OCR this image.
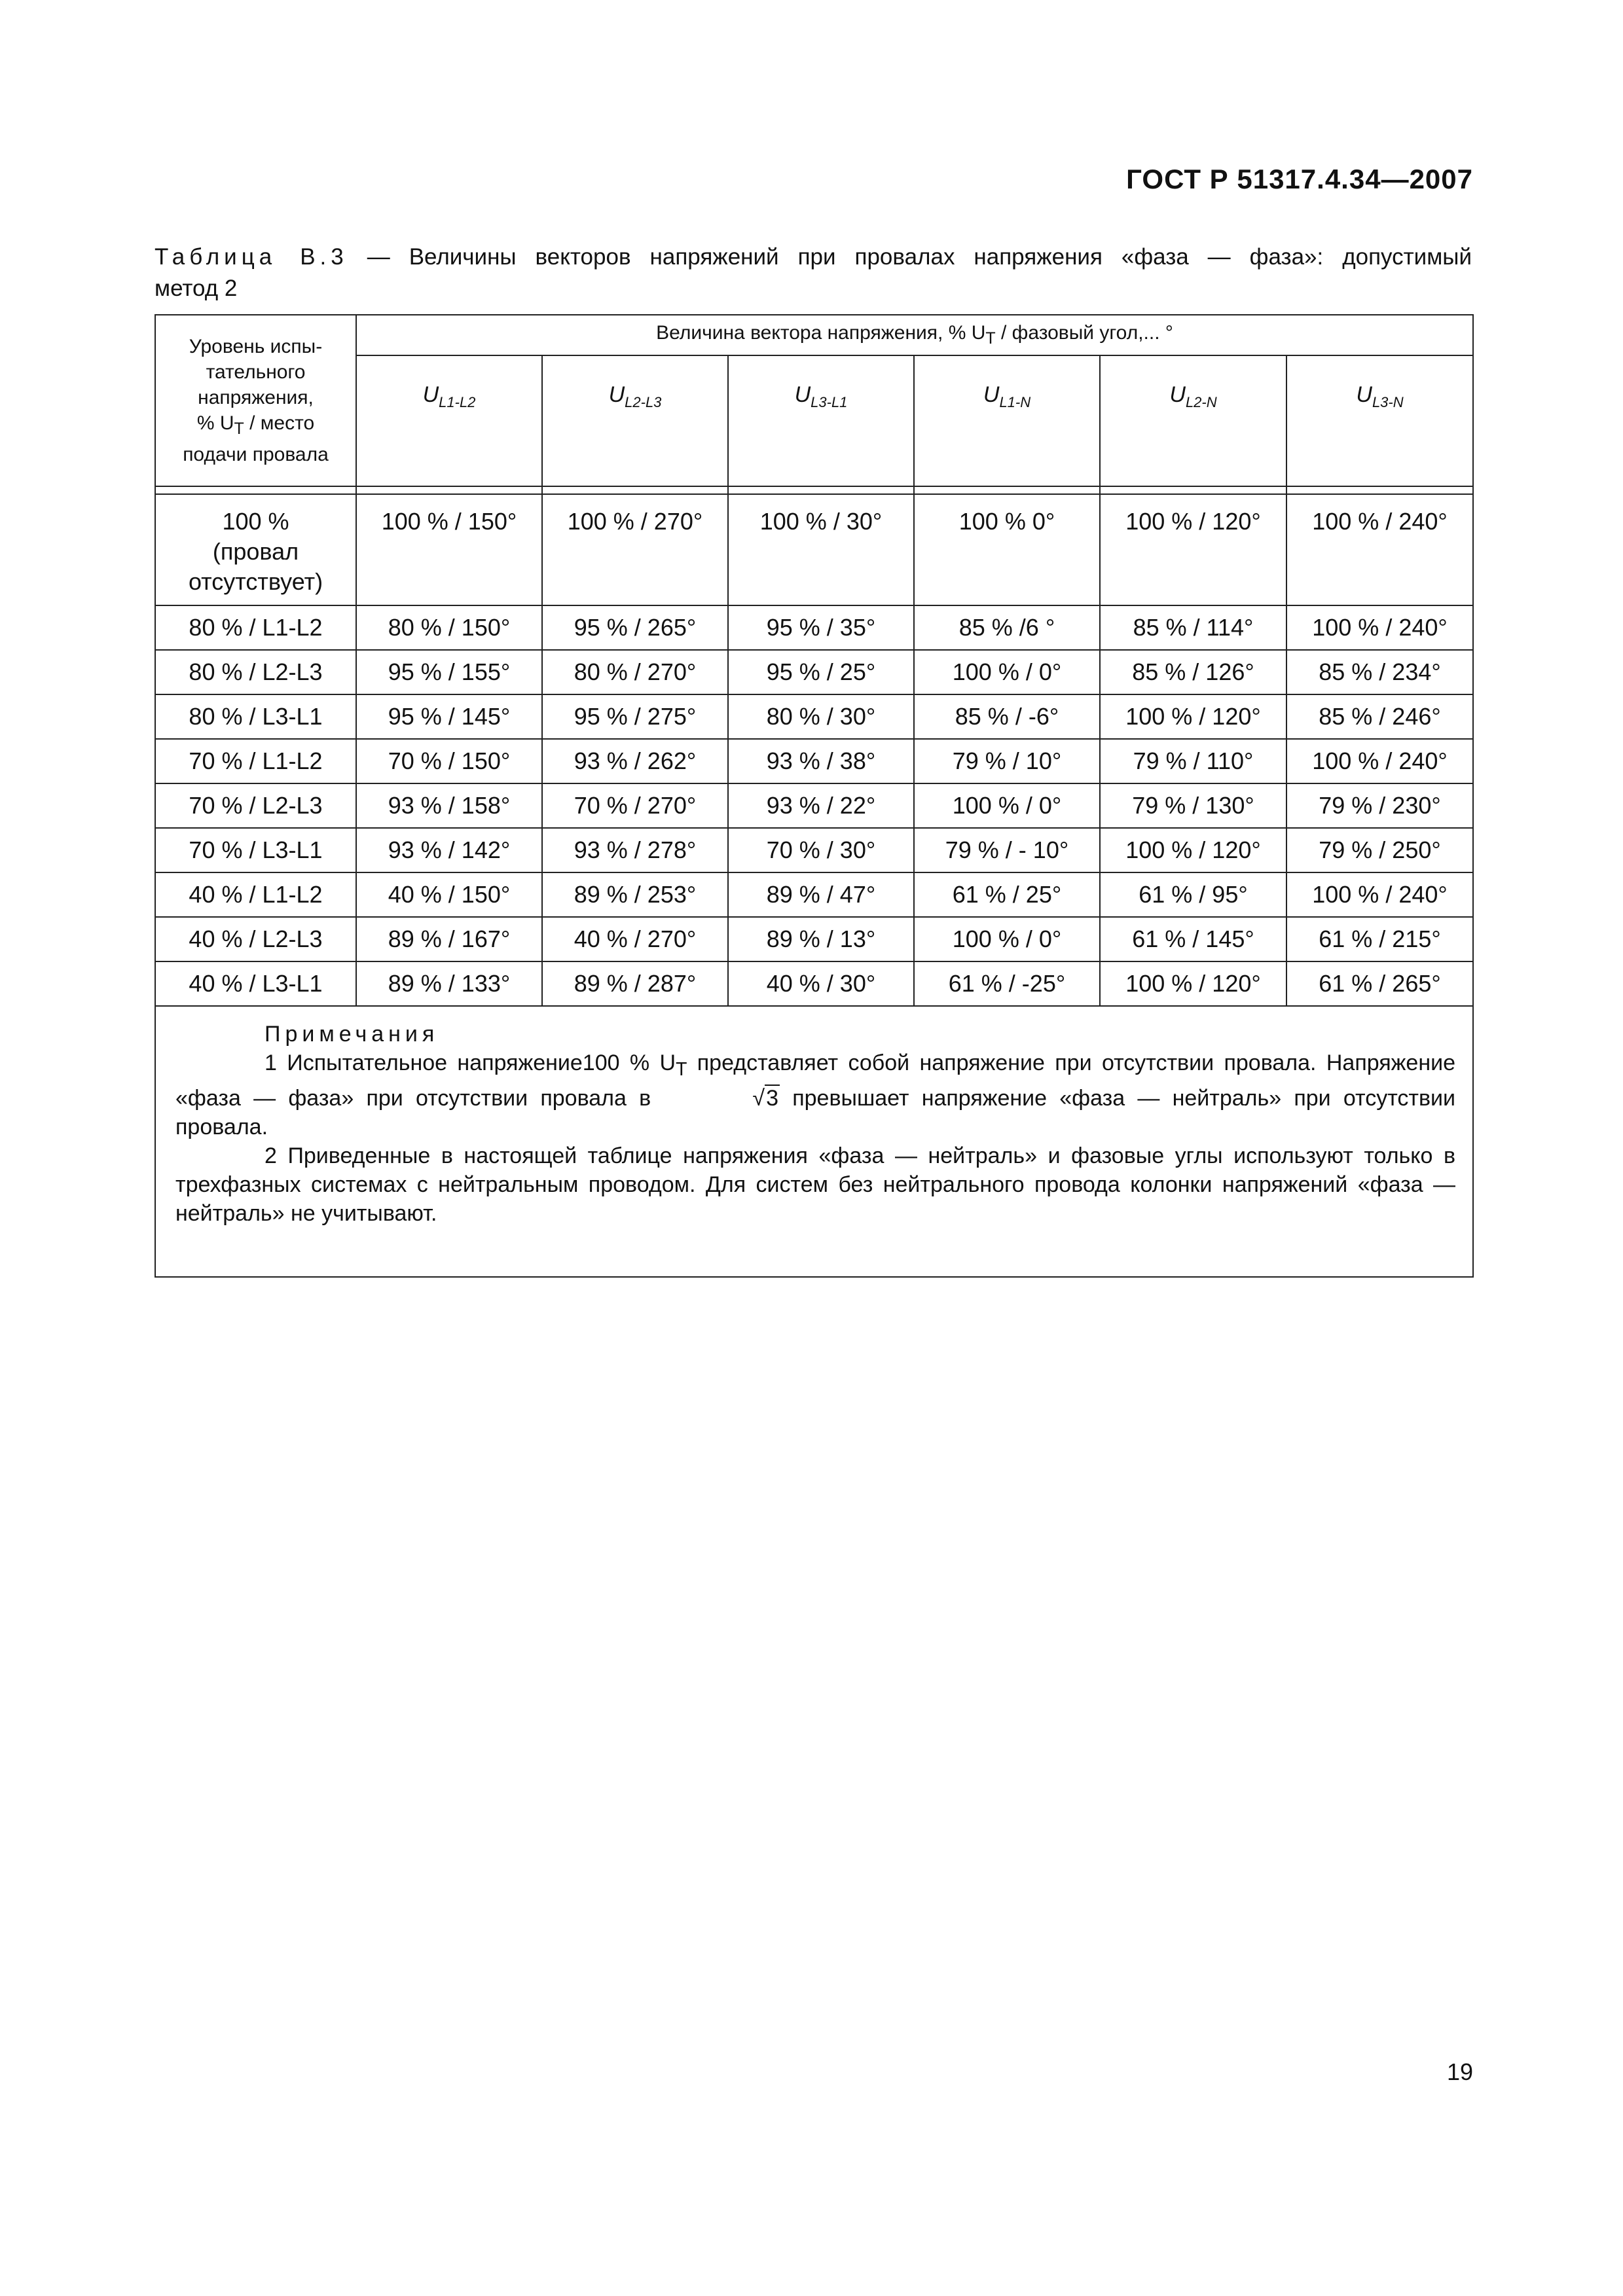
ГОСТ Р 51317.4.34—2007
Таблица В.3 — Величины векторов напряжений при провалах напряжения «фаза — фаза»: допустимый
метод 2
Уровень испы-
тательного
напряжения,
% $U_T$ / место
подачи провала	Величина вектора напряжения, % $U_T$ / фазовый угол,... °					
	$U_{L1-L2}$	$U_{L2-L3}$	$U_{L3-L1}$	$U_{L1-N}$	$U_{L2-N}$	$U_{L3-N}$

100 %
(провал
отсутствует)	100 % / 150°	100 % / 270°	100 % / 30°	100 % 0°	100 % / 120°	100 % / 240°
80 % / L1-L2	80 % / 150°	95 % / 265°	95 % / 35°	85 % /6 °	85 % / 114°	100 % / 240°
80 % / L2-L3	95 % / 155°	80 % / 270°	95 % / 25°	100 % / 0°	85 % / 126°	85 % / 234°
80 % / L3-L1	95 % / 145°	95 % / 275°	80 % / 30°	85 % / -6°	100 % / 120°	85 % / 246°
70 % / L1-L2	70 % / 150°	93 % / 262°	93 % / 38°	79 % / 10°	79 % / 110°	100 % / 240°
70 % / L2-L3	93 % / 158°	70 % / 270°	93 % / 22°	100 % / 0°	79 % / 130°	79 % / 230°
70 % / L3-L1	93 % / 142°	93 % / 278°	70 % / 30°	79 % / - 10°	100 % / 120°	79 % / 250°
40 % / L1-L2	40 % / 150°	89 % / 253°	89 % / 47°	61 % / 25°	61 % / 95°	100 % / 240°
40 % / L2-L3	89 % / 167°	40 % / 270°	89 % / 13°	100 % / 0°	61 % / 145°	61 % / 215°
40 % / L3-L1	89 % / 133°	89 % / 287°	40 % / 30°	61 % / -25°	100 % / 120°	61 % / 265°

Примечания

1 Испытательное напряжение100 % $U_T$ представляет собой напряжение при отсутствии провала. Напряжение «фаза — фаза» при отсутствии провала в √3 превышает напряжение «фаза — нейтраль» при отсутствии провала.

2 Приведенные в настоящей таблице напряжения «фаза — нейтраль» и фазовые углы используют только в трехфазных системах с нейтральным проводом. Для систем без нейтрального провода колонки напряжений «фаза — нейтраль» не учитывают.						

19
